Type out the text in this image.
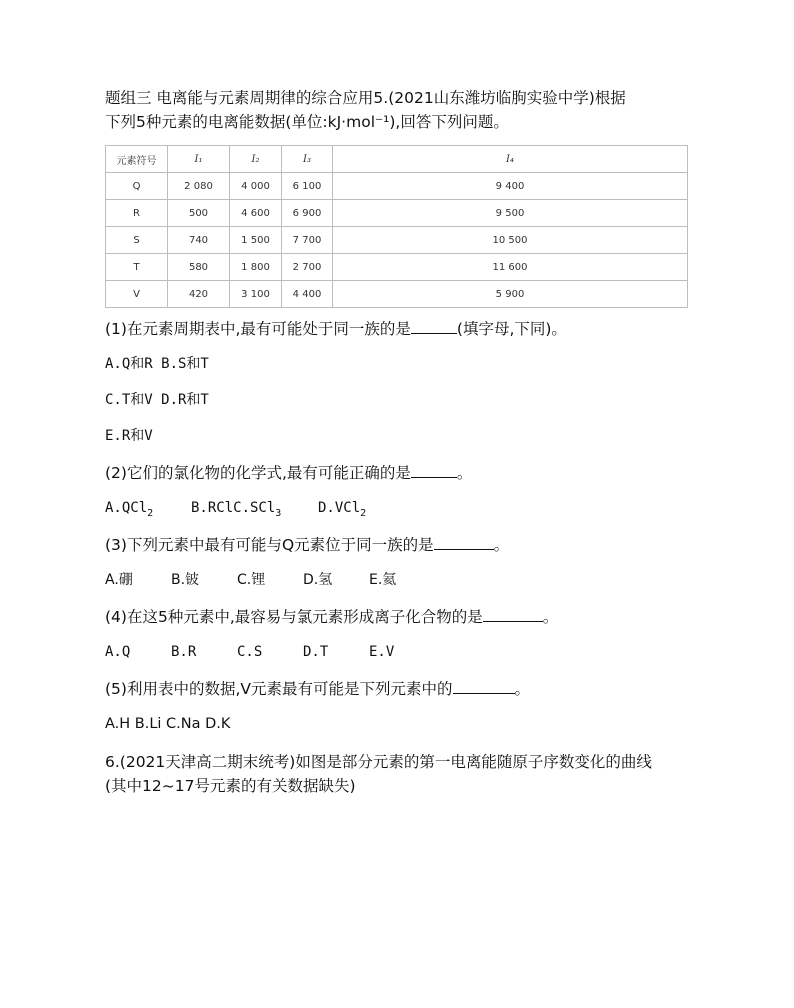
题组三 电离能与元素周期律的综合应用5.(2021山东潍坊临朐实验中学)根据
下列5种元素的电离能数据(单位:kJ·mol⁻¹),回答下列问题。
元素符号	I₁	I₂	I₃	I₄
Q	2 080	4 000	6 100	9 400
R	500	4 600	6 900	9 500
S	740	1 500	7 700	10 500
T	580	1 800	2 700	11 600
V	420	3 100	4 400	5 900
(1)在元素周期表中,最有可能处于同一族的是	(填字母,下同)。
A.Q和R B.S和T
C.T和V D.R和T
E.R和V
(2)它们的氯化物的化学式,最有可能正确的是	。
A.QCl$_2$	B.RClC.SCl$_3$	D.VCl$_2$
(3)下列元素中最有可能与Q元素位于同一族的是	。
A.硼	B.铍	C.锂	D.氢	E.氦
(4)在这5种元素中,最容易与氯元素形成离子化合物的是	。
A.Q	B.R	C.S	D.T	E.V
(5)利用表中的数据,V元素最有可能是下列元素中的	。
A.H B.Li C.Na D.K
6.(2021天津高二期末统考)如图是部分元素的第一电离能随原子序数变化的曲线
(其中12~17号元素的有关数据缺失)
